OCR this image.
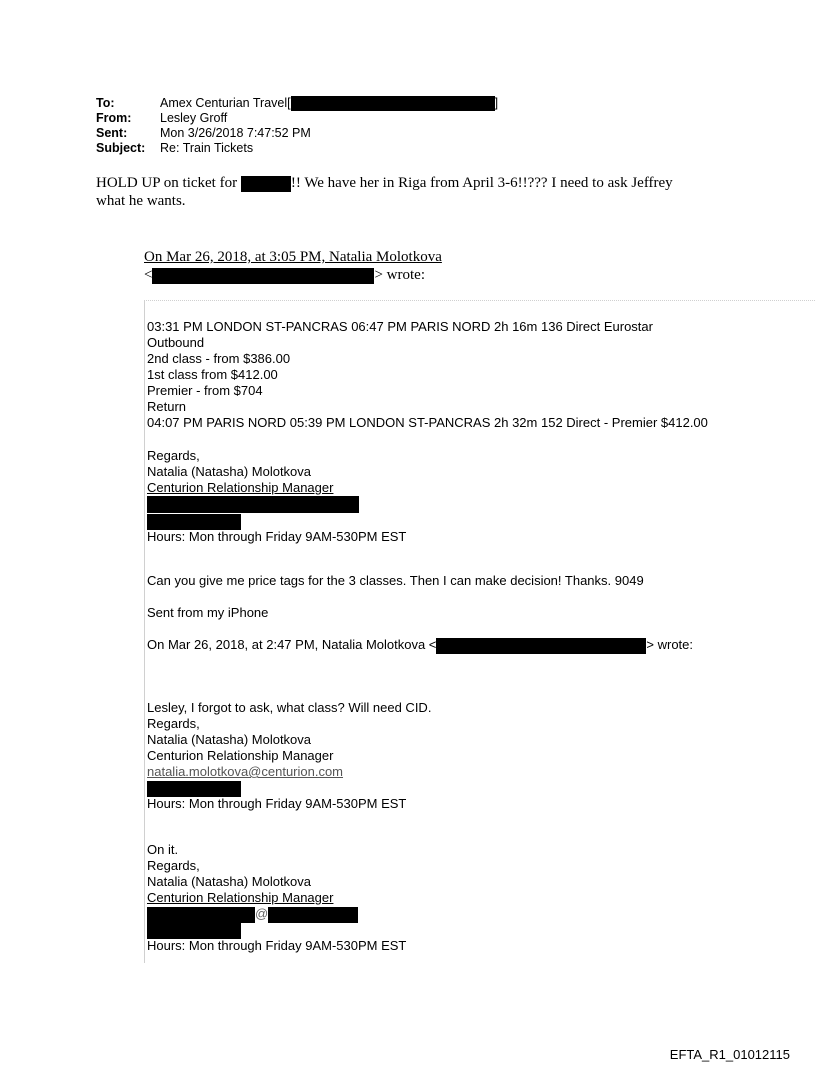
To:	Amex Centurian Travel[	]
From:	Lesley Groff
Sent:	Mon 3/26/2018 7:47:52 PM
Subject:	Re: Train Tickets
HOLD UP on ticket for	!! We have her in Riga from April 3-6!!??? I need to ask Jeffrey
what he wants.
On Mar 26, 2018, at 3:05 PM, Natalia Molotkova
<	> wrote:
03:31 PM LONDON ST-PANCRAS 06:47 PM PARIS NORD 2h 16m 136 Direct Eurostar
Outbound
2nd class - from $386.00
1st class from $412.00
Premier - from $704
Return
04:07 PM PARIS NORD 05:39 PM LONDON ST-PANCRAS 2h 32m 152 Direct - Premier $412.00
Regards,
Natalia (Natasha) Molotkova
Centurion Relationship Manager
Hours: Mon through Friday 9AM-530PM EST
Can you give me price tags for the 3 classes. Then I can make decision! Thanks. 9049
Sent from my iPhone
On Mar 26, 2018, at 2:47 PM, Natalia Molotkova <	> wrote:
Lesley, I forgot to ask, what class? Will need CID.
Regards,
Natalia (Natasha) Molotkova
Centurion Relationship Manager
natalia.molotkova@centurion.com
Hours: Mon through Friday 9AM-530PM EST
On it.
Regards,
Natalia (Natasha) Molotkova
Centurion Relationship Manager
@
Hours: Mon through Friday 9AM-530PM EST
EFTA_R1_01012115
